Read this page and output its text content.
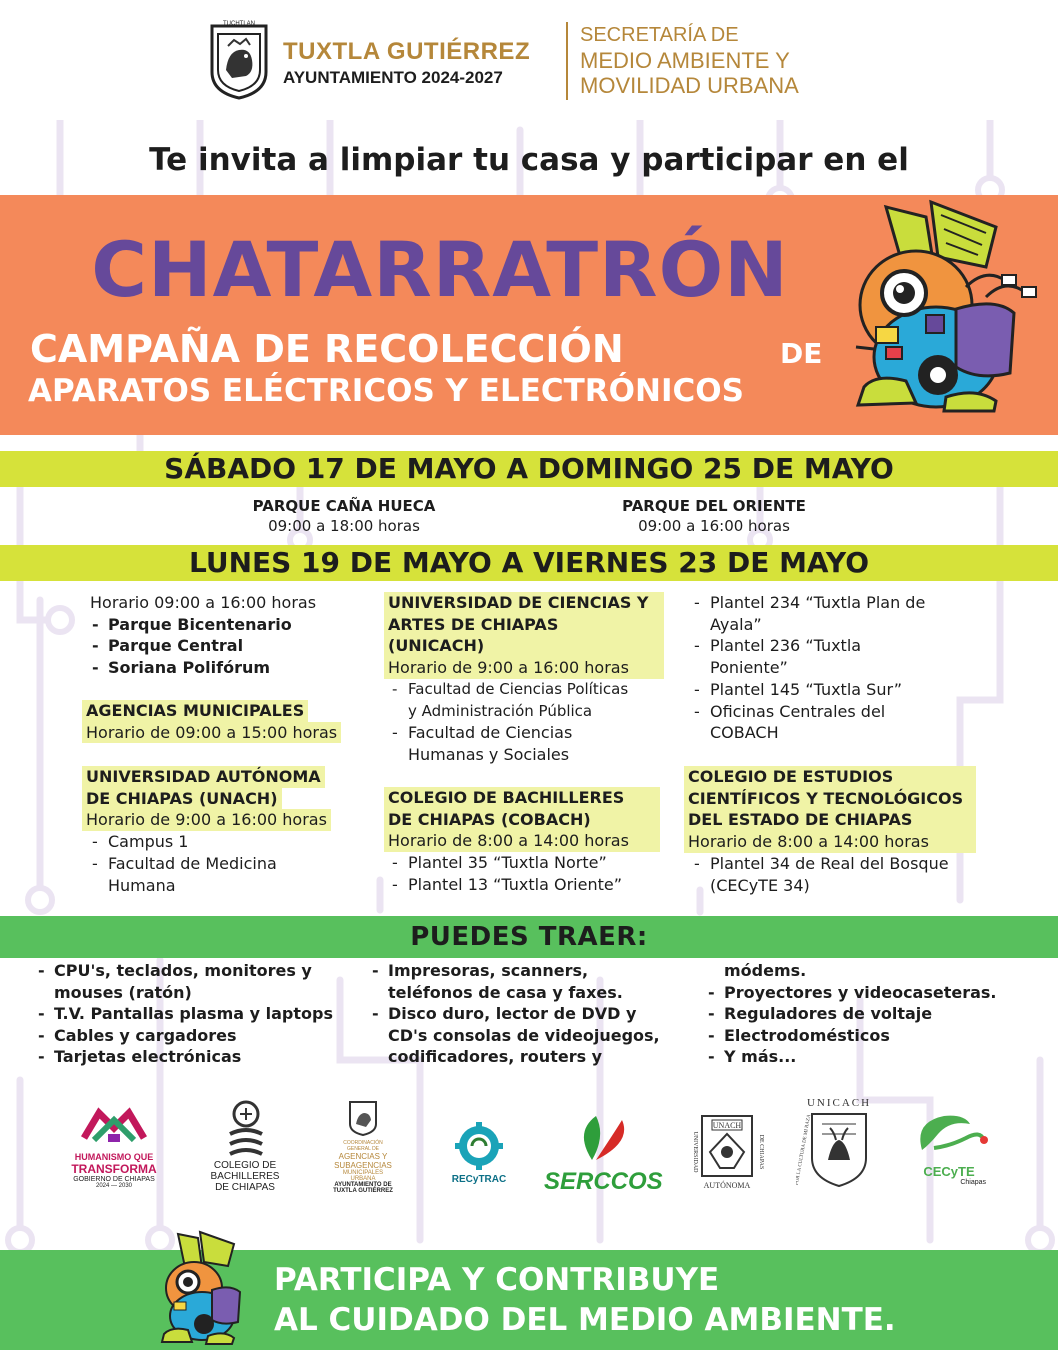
TUCHTLAN
TUXTLA GUTIÉRREZ
AYUNTAMIENTO 2024-2027
SECRETARÍA DE
MEDIO AMBIENTE Y
MOVILIDAD URBANA
Te invita a limpiar tu casa y participar en el
CHATARRATRÓN
CAMPAÑA DE RECOLECCIÓN	DE
APARATOS ELÉCTRICOS Y ELECTRÓNICOS
SÁBADO 17 DE MAYO A DOMINGO 25 DE MAYO
PARQUE CAÑA HUECA
09:00 a 18:00 horas
PARQUE DEL ORIENTE
09:00 a 16:00 horas
LUNES 19 DE MAYO A VIERNES 23 DE MAYO
Horario 09:00 a 16:00 horas
- Parque Bicentenario
- Parque Central
- Soriana Polifórum
AGENCIAS MUNICIPALES
Horario de 09:00 a 15:00 horas
UNIVERSIDAD AUTÓNOMA
DE CHIAPAS (UNACH)
Horario de 9:00 a 16:00 horas
- Campus 1
- Facultad de Medicina
Humana
UNIVERSIDAD DE CIENCIAS Y
ARTES DE CHIAPAS
(UNICACH)
Horario de 9:00 a 16:00 horas
- Facultad de Ciencias Políticas
y Administración Pública
- Facultad de Ciencias
Humanas y Sociales
COLEGIO DE BACHILLERES
DE CHIAPAS (COBACH)
Horario de 8:00 a 14:00 horas
- Plantel 35 “Tuxtla Norte”
- Plantel 13 “Tuxtla Oriente”
- Plantel 234 “Tuxtla Plan de
Ayala”
- Plantel 236 “Tuxtla
Poniente”
- Plantel 145 “Tuxtla Sur”
- Oficinas Centrales del
COBACH
COLEGIO DE ESTUDIOS
CIENTÍFICOS Y TECNOLÓGICOS
DEL ESTADO DE CHIAPAS
Horario de 8:00 a 14:00 horas
- Plantel 34 de Real del Bosque
(CECyTE 34)
PUEDES TRAER:
- CPU's, teclados, monitores y
mouses (ratón)
- T.V. Pantallas plasma y laptops
- Cables y cargadores
- Tarjetas electrónicas
- Impresoras, scanners,
teléfonos de casa y faxes.
- Disco duro, lector de DVD y
CD's consolas de videojuegos,
codificadores, routers y
módems.
- Proyectores y videocaseteras.
- Reguladores de voltaje
- Electrodomésticos
- Y más...
HUMANISMO QUE
TRANSFORMA
GOBIERNO DE CHIAPAS
2024 — 2030
COLEGIO DE
BACHILLERES
DE CHIAPAS
COORDINACIÓN
GENERAL DE
AGENCIAS Y
SUBAGENCIAS
MUNICIPALES
URBANA
AYUNTAMIENTO DE
TUXTLA GUTIÉRREZ
RECyTRAC	SERCCOS
UNACH
AUTÓNOMA
UNIVERSIDAD	DE CHIAPAS
UNICACH
POR LA CULTURA DE MI RAZA	CECyTE
Chiapas
PARTICIPA Y CONTRIBUYE
AL CUIDADO DEL MEDIO AMBIENTE.
